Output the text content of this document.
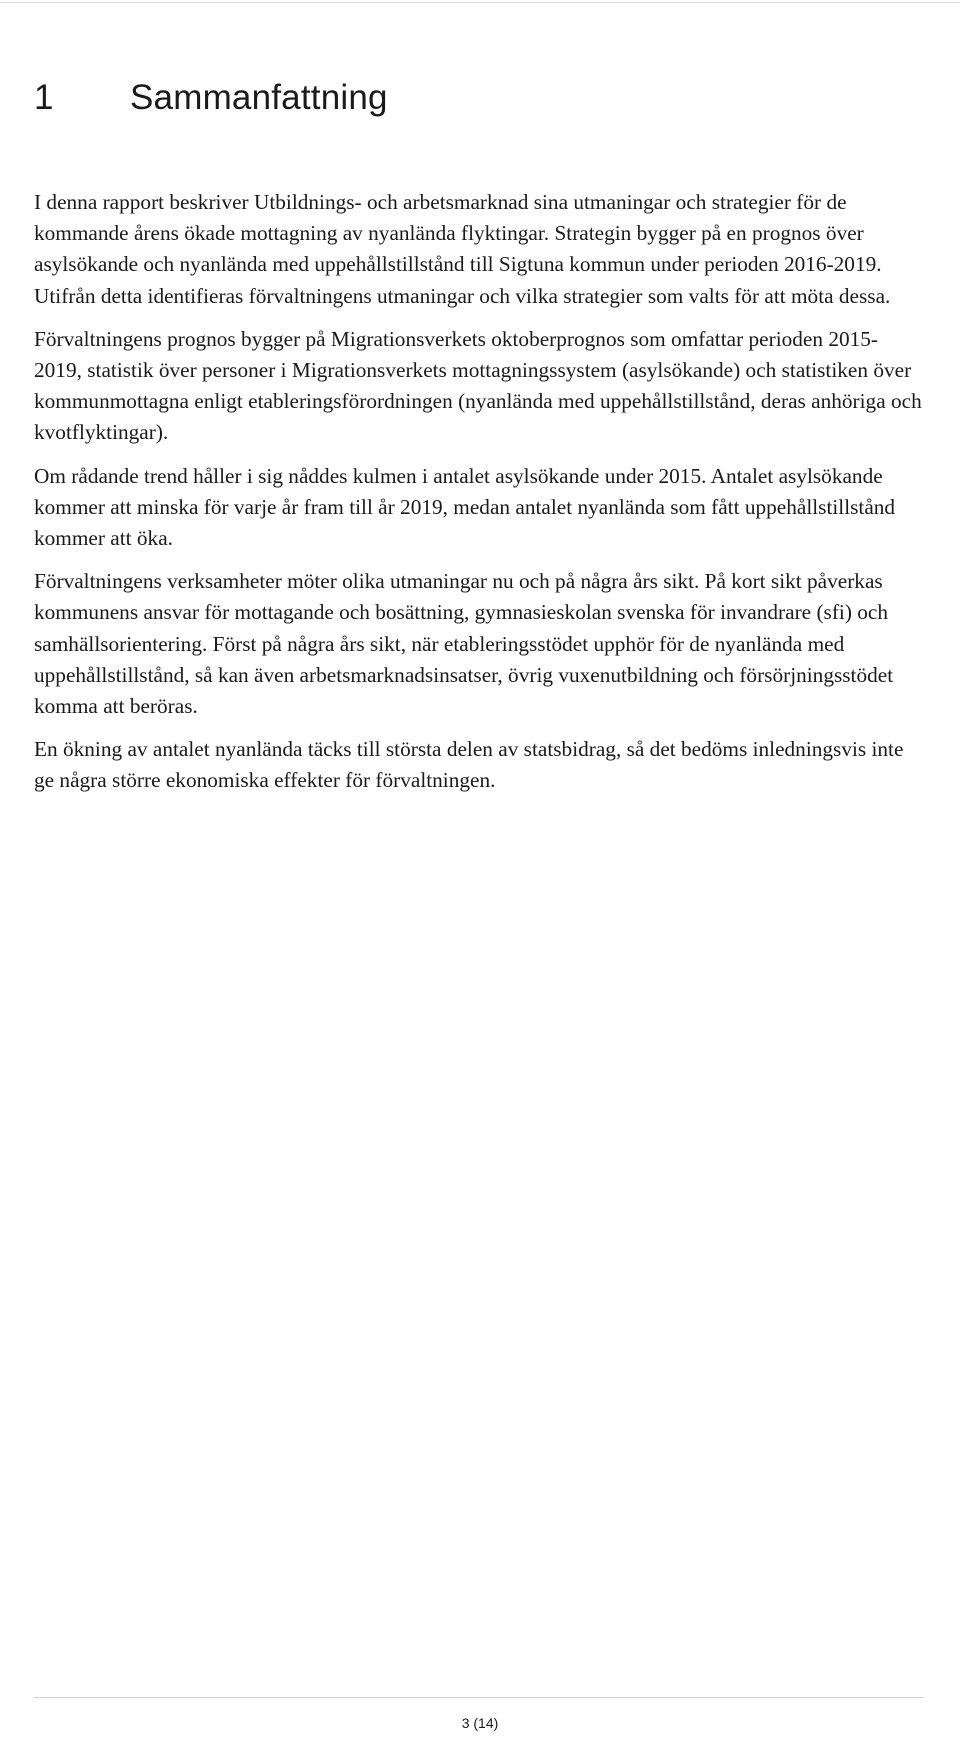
1 Sammanfattning

I denna rapport beskriver Utbildnings- och arbetsmarknad sina utmaningar och strategier för de kommande årens ökade mottagning av nyanlända flyktingar. Strategin bygger på en prognos över asylsökande och nyanlända med uppehållstillstånd till Sigtuna kommun under perioden 2016-2019. Utifrån detta identifieras förvaltningens utmaningar och vilka strategier som valts för att möta dessa.

Förvaltningens prognos bygger på Migrationsverkets oktoberprognos som omfattar perioden 2015-2019, statistik över personer i Migrationsverkets mottagningssystem (asylsökande) och statistiken över kommunmottagna enligt etableringsförordningen (nyanlända med uppehållstillstånd, deras anhöriga och kvotflyktingar).

Om rådande trend håller i sig nåddes kulmen i antalet asylsökande under 2015. Antalet asylsökande kommer att minska för varje år fram till år 2019, medan antalet nyanlända som fått uppehållstillstånd kommer att öka.

Förvaltningens verksamheter möter olika utmaningar nu och på några års sikt. På kort sikt påverkas kommunens ansvar för mottagande och bosättning, gymnasieskolan svenska för invandrare (sfi) och samhällsorientering. Först på några års sikt, när etableringsstödet upphör för de nyanlända med uppehållstillstånd, så kan även arbetsmarknadsinsatser, övrig vuxenutbildning och försörjningsstödet komma att beröras.

En ökning av antalet nyanlända täcks till största delen av statsbidrag, så det bedöms inledningsvis inte ge några större ekonomiska effekter för förvaltningen.

3 (14)
